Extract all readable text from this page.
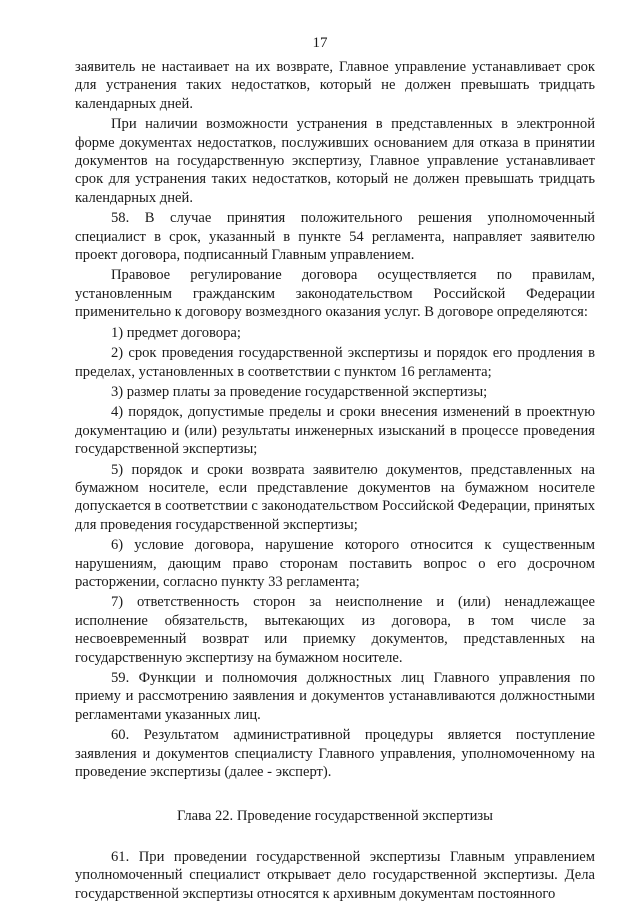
17

заявитель не настаивает на их возврате, Главное управление устанавливает срок для устранения таких недостатков, который не должен превышать тридцать календарных дней.

При наличии возможности устранения в представленных в электронной форме документах недостатков, послуживших основанием для отказа в принятии документов на государственную экспертизу, Главное управление устанавливает срок для устранения таких недостатков, который не должен превышать тридцать календарных дней.

58. В случае принятия положительного решения уполномоченный специалист в срок, указанный в пункте 54 регламента, направляет заявителю проект договора, подписанный Главным управлением.

Правовое регулирование договора осуществляется по правилам, установленным гражданским законодательством Российской Федерации применительно к договору возмездного оказания услуг. В договоре определяются:

1) предмет договора;

2) срок проведения государственной экспертизы и порядок его продления в пределах, установленных в соответствии с пунктом 16 регламента;

3) размер платы за проведение государственной экспертизы;

4) порядок, допустимые пределы и сроки внесения изменений в проектную документацию и (или) результаты инженерных изысканий в процессе проведения государственной экспертизы;

5) порядок и сроки возврата заявителю документов, представленных на бумажном носителе, если представление документов на бумажном носителе допускается в соответствии с законодательством Российской Федерации, принятых для проведения государственной экспертизы;

6) условие договора, нарушение которого относится к существенным нарушениям, дающим право сторонам поставить вопрос о его досрочном расторжении, согласно пункту 33 регламента;

7) ответственность сторон за неисполнение и (или) ненадлежащее исполнение обязательств, вытекающих из договора, в том числе за несвоевременный возврат или приемку документов, представленных на государственную экспертизу на бумажном носителе.

59. Функции и полномочия должностных лиц Главного управления по приему и рассмотрению заявления и документов устанавливаются должностными регламентами указанных лиц.

60. Результатом административной процедуры является поступление заявления и документов специалисту Главного управления, уполномоченному на проведение экспертизы (далее - эксперт).

Глава 22. Проведение государственной экспертизы

61. При проведении государственной экспертизы Главным управлением уполномоченный специалист открывает дело государственной экспертизы. Дела государственной экспертизы относятся к архивным документам постоянного
